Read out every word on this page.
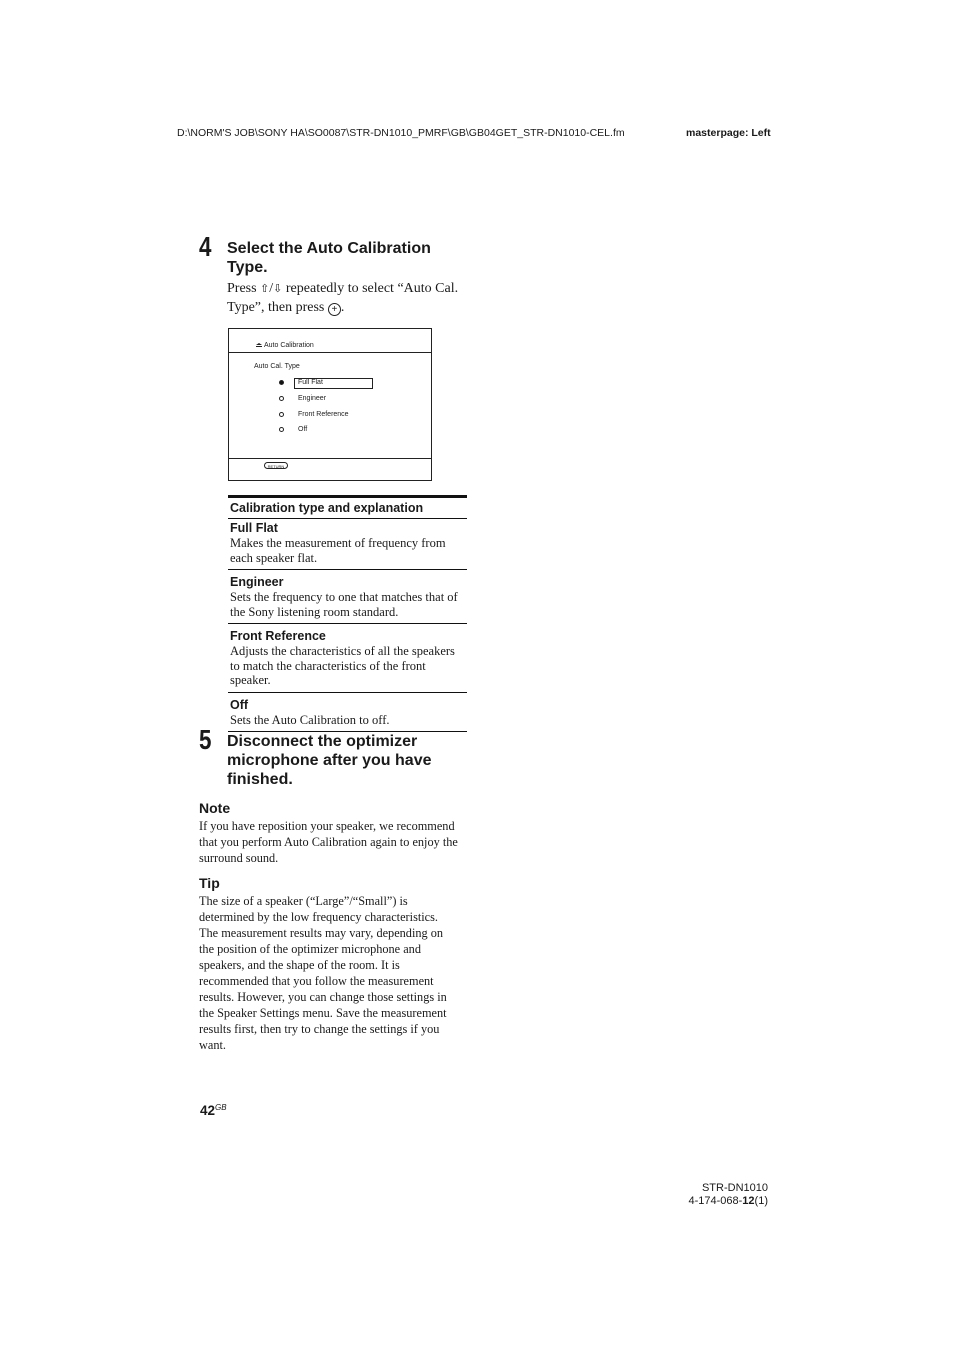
D:\NORM'S JOB\SONY HA\SO0087\STR-DN1010_PMRF\GB\GB04GET_STR-DN1010-CEL.fm	masterpage: Left
4 Select the Auto Calibration
Type.
Press ⇧/⇩ repeatedly to select “Auto Cal.
Type”, then press + .
Auto Calibration
Auto Cal. Type
Full Flat
Engineer
Front Reference
Off
RETURN
Calibration type and explanation
Full Flat
Makes the measurement of frequency from
each speaker flat.
Engineer
Sets the frequency to one that matches that of
the Sony listening room standard.
Front Reference
Adjusts the characteristics of all the speakers
to match the characteristics of the front
speaker.
Off
Sets the Auto Calibration to off.
5 Disconnect the optimizer
microphone after you have
finished.
Note
If you have reposition your speaker, we recommend
that you perform Auto Calibration again to enjoy the
surround sound.
Tip
The size of a speaker (“Large”/“Small”) is
determined by the low frequency characteristics.
The measurement results may vary, depending on
the position of the optimizer microphone and
speakers, and the shape of the room. It is
recommended that you follow the measurement
results. However, you can change those settings in
the Speaker Settings menu. Save the measurement
results first, then try to change the settings if you
want.
$42^{GB}$
STR-DN1010
4-174-068-12(1)
